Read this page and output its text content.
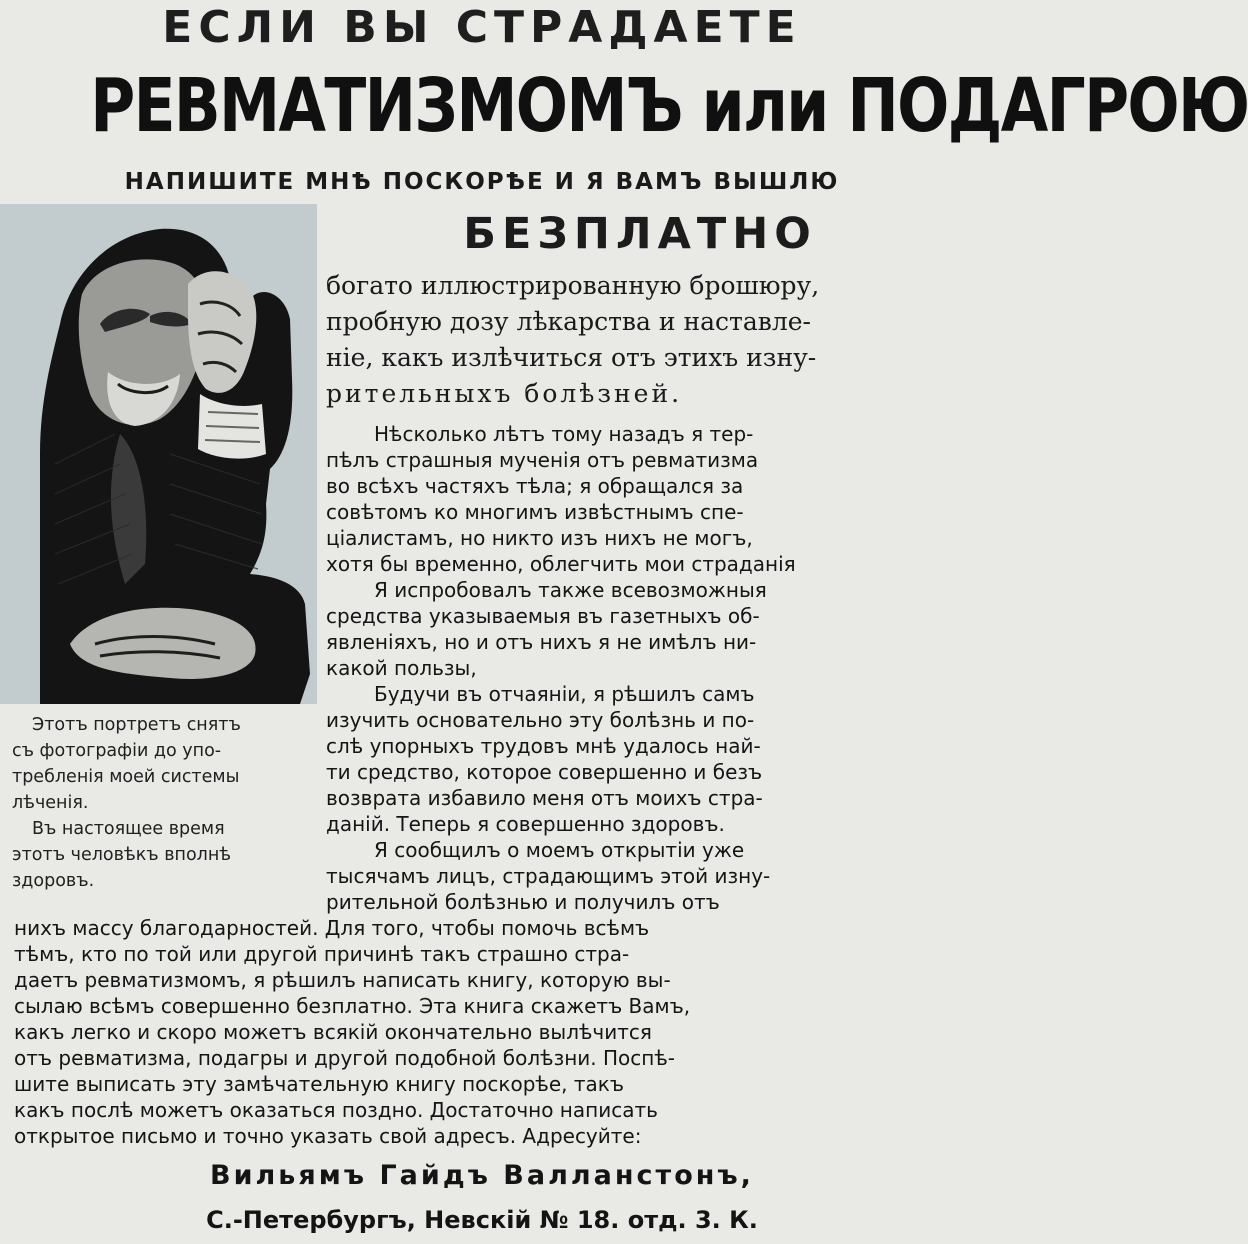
ЕСЛИ ВЫ СТРАДАЕТЕ
РЕВМАТИЗМОМЪ или ПОДАГРОЮ
НАПИШИТЕ МНѢ ПОСКОРѢЕ И Я ВАМЪ ВЫШЛЮ
БЕЗПЛАТНО
Этотъ портретъ снятъ
съ фотографіи до упо-
требленія моей системы
лѣченія.
Въ настоящее время
этотъ человѣкъ вполнѣ
здоровъ.
богато иллюстрированную брошюру,
пробную дозу лѣкарства и наставле-
ніе, какъ излѣчиться отъ этихъ изну-
рительныхъ болѣзней.
Нѣсколько лѣтъ тому назадъ я тер-
пѣлъ страшныя мученія отъ ревматизма
во всѣхъ частяхъ тѣла; я обращался за
совѣтомъ ко многимъ извѣстнымъ спе-
ціалистамъ, но никто изъ нихъ не могъ,
хотя бы временно, облегчить мои страданія
Я испробовалъ также всевозможныя
средства указываемыя въ газетныхъ об-
явленіяхъ, но и отъ нихъ я не имѣлъ ни-
какой пользы,
Будучи въ отчаяніи, я рѣшилъ самъ
изучить основательно эту болѣзнь и по-
слѣ упорныхъ трудовъ мнѣ удалось най-
ти средство, которое совершенно и безъ
возврата избавило меня отъ моихъ стра-
даній. Теперь я совершенно здоровъ.
Я сообщилъ о моемъ открытіи уже
тысячамъ лицъ, страдающимъ этой изну-
рительной болѣзнью и получилъ отъ
нихъ массу благодарностей. Для того, чтобы помочь всѣмъ
тѣмъ, кто по той или другой причинѣ такъ страшно стра-
даетъ ревматизмомъ, я рѣшилъ написать книгу, которую вы-
сылаю всѣмъ совершенно безплатно. Эта книга скажетъ Вамъ,
какъ легко и скоро можетъ всякій окончательно вылѣчится
отъ ревматизма, подагры и другой подобной болѣзни. Поспѣ-
шите выписать эту замѣчательную книгу поскорѣе, такъ
какъ послѣ можетъ оказаться поздно. Достаточно написать
открытое письмо и точно указать свой адресъ. Адресуйте:
Вильямъ Гайдъ Валланстонъ,
С.-Петербургъ, Невскій № 18. отд. 3. К.
